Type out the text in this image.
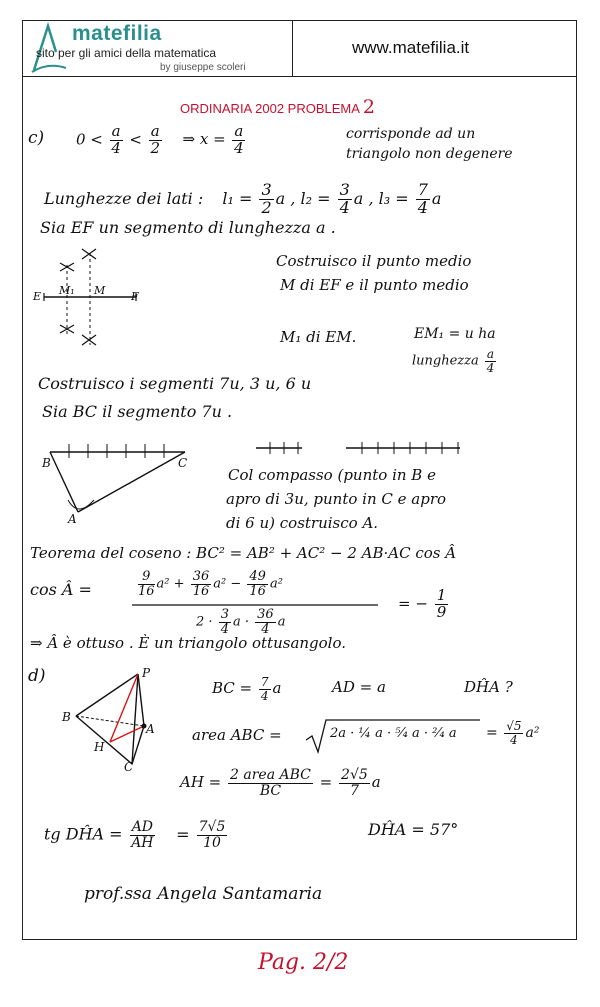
matefilia
sito per gli amici della matematica
by giuseppe scoleri
www.matefilia.it
ORDINARIA 2002 PROBLEMA 2
c) $0 < \frac{a}{4} < \frac{a}{2}$ ⇒ $x = \frac{a}{4}$	corrisponde ad un
triangolo non degenere
Lunghezze dei lati : $l_1 = \frac{3}{2}$ a , $l_2 = \frac{3}{4}$ a , $l_3 = \frac{7}{4}$ a
Sia EF un segmento di lunghezza a .
E	F
M
M₁
Costruisco il punto medio
M di EF e il punto medio
M₁ di EM.	EM₁ = u ha
lunghezza $\frac{a}{4}$
Costruisco i segmenti 7u, 3 u, 6 u
Sia BC il segmento 7u .
B	C
A
Col compasso (punto in B e
apro di 3u, punto in C e apro
di 6 u) costruisco A.
Teorema del coseno : BC² = AB² + AC² − 2 AB·AC cos Â
cos Â =	$\frac{9}{16} a^2 + \frac{36}{16} a^2 - \frac{49}{16} a^2$
$2 \cdot \frac{3}{4}$ $a \cdot \frac{36}{4}$ a
= − $\frac{1}{9}$
⇒ Â è ottuso . È un triangolo ottusangolo.
d)	P
B
A
H
C
BC = $\frac{7}{4}$ a	AD = a	DĤA ?
area ABC =	2a · ¼ a · ⁵⁄₄ a · ²⁄₄ $a = \frac{√5}{4} a^2$
AH = $\frac{\text{2 area ABC}}{BC} = \frac{2√5}{7}$ a
tg DĤA = $\frac{AD}{AH} = \frac{7√5}{10}$	DĤA = 57°
prof.ssa Angela Santamaria
Pag. 2/2
